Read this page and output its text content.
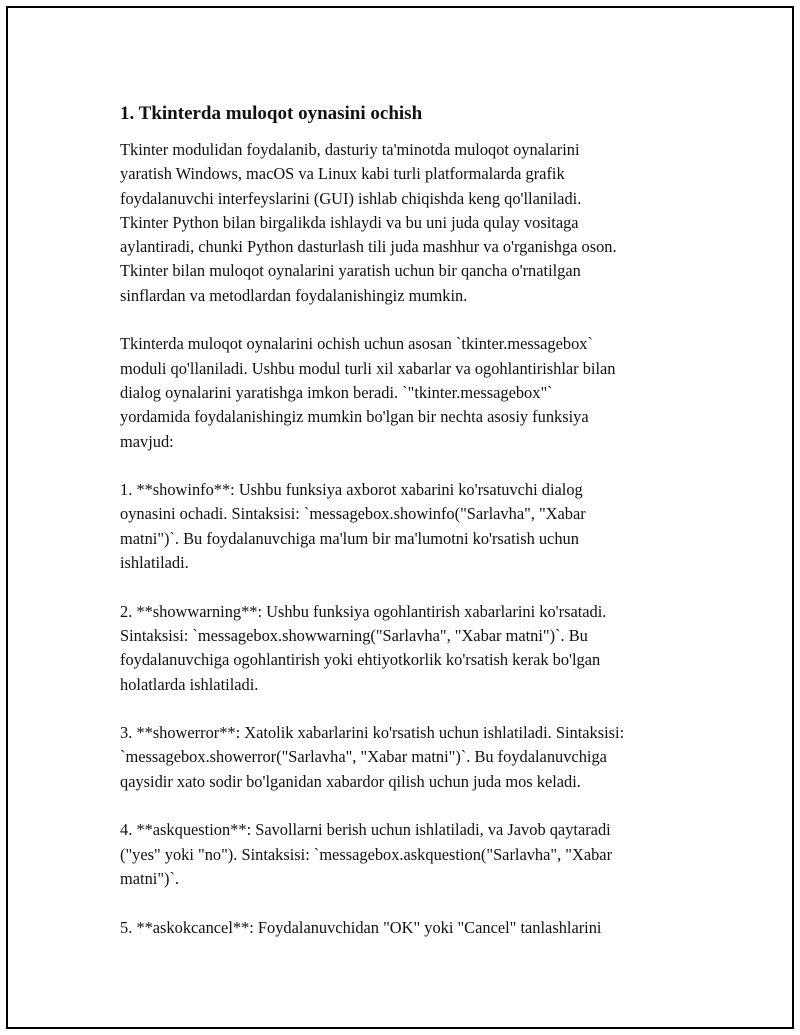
1. Tkinterda muloqot oynasini ochish

Tkinter modulidan foydalanib, dasturiy ta'minotda muloqot oynalarini
yaratish Windows, macOS va Linux kabi turli platformalarda grafik
foydalanuvchi interfeyslarini (GUI) ishlab chiqishda keng qo'llaniladi.
Tkinter Python bilan birgalikda ishlaydi va bu uni juda qulay vositaga
aylantiradi, chunki Python dasturlash tili juda mashhur va o'rganishga oson.
Tkinter bilan muloqot oynalarini yaratish uchun bir qancha o'rnatilgan
sinflardan va metodlardan foydalanishingiz mumkin.

Tkinterda muloqot oynalarini ochish uchun asosan `tkinter.messagebox`
moduli qo'llaniladi. Ushbu modul turli xil xabarlar va ogohlantirishlar bilan
dialog oynalarini yaratishga imkon beradi. `"tkinter.messagebox"`
yordamida foydalanishingiz mumkin bo'lgan bir nechta asosiy funksiya
mavjud:

1. **showinfo**: Ushbu funksiya axborot xabarini ko'rsatuvchi dialog
oynasini ochadi. Sintaksisi: `messagebox.showinfo("Sarlavha", "Xabar
matni")`. Bu foydalanuvchiga ma'lum bir ma'lumotni ko'rsatish uchun
ishlatiladi.

2. **showwarning**: Ushbu funksiya ogohlantirish xabarlarini ko'rsatadi.
Sintaksisi: `messagebox.showwarning("Sarlavha", "Xabar matni")`. Bu
foydalanuvchiga ogohlantirish yoki ehtiyotkorlik ko'rsatish kerak bo'lgan
holatlarda ishlatiladi.

3. **showerror**: Xatolik xabarlarini ko'rsatish uchun ishlatiladi. Sintaksisi:
`messagebox.showerror("Sarlavha", "Xabar matni")`. Bu foydalanuvchiga
qaysidir xato sodir bo'lganidan xabardor qilish uchun juda mos keladi.

4. **askquestion**: Savollarni berish uchun ishlatiladi, va Javob qaytaradi
("yes" yoki "no"). Sintaksisi: `messagebox.askquestion("Sarlavha", "Xabar
matni")`.

5. **askokcancel**: Foydalanuvchidan "OK" yoki "Cancel" tanlashlarini
